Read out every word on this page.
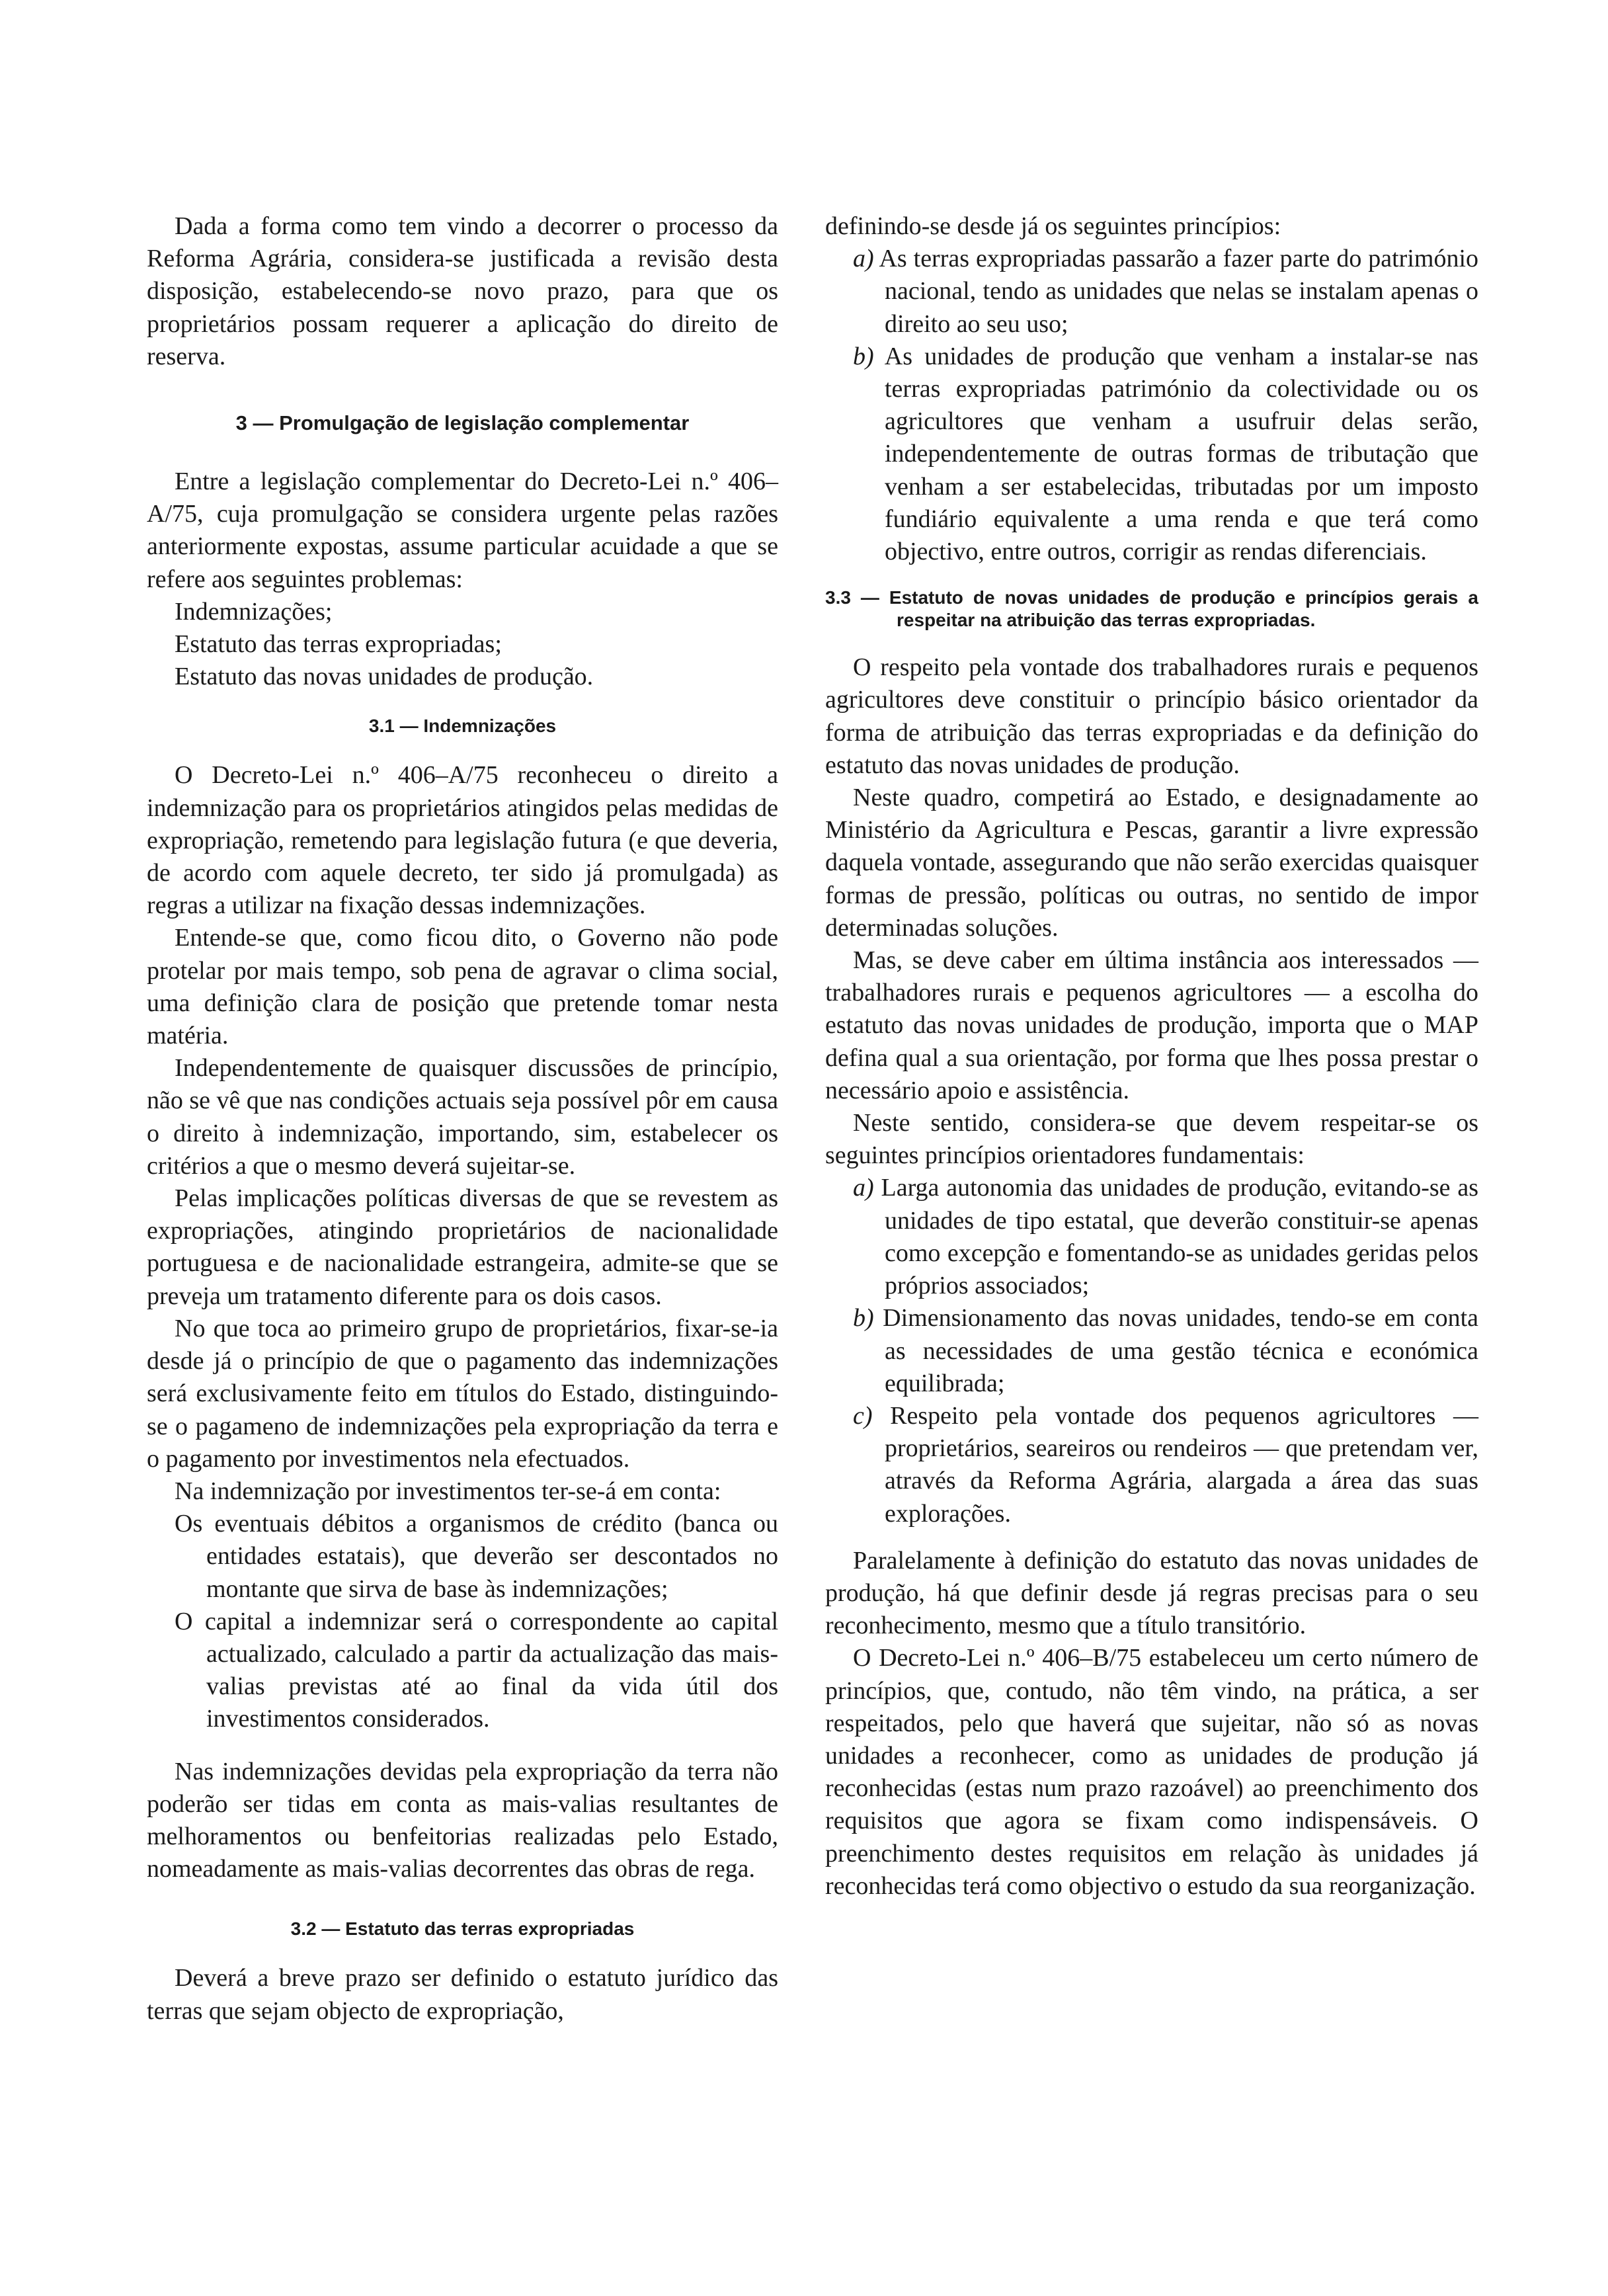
Dada a forma como tem vindo a decorrer o processo da Reforma Agrária, considera-se justificada a revisão desta disposição, estabelecendo-se novo prazo, para que os proprietários possam requerer a aplicação do direito de reserva.

3 — Promulgação de legislação complementar

Entre a legislação complementar do Decreto-Lei n.º 406–A/75, cuja promulgação se considera urgente pelas razões anteriormente expostas, assume particular acuidade a que se refere aos seguintes problemas:

Indemnizações;

Estatuto das terras expropriadas;

Estatuto das novas unidades de produção.

3.1 — Indemnizações

O Decreto-Lei n.º 406–A/75 reconheceu o direito a indemnização para os proprietários atingidos pelas medidas de expropriação, remetendo para legislação futura (e que deveria, de acordo com aquele decreto, ter sido já promulgada) as regras a utilizar na fixação dessas indemnizações.

Entende-se que, como ficou dito, o Governo não pode protelar por mais tempo, sob pena de agravar o clima social, uma definição clara de posição que pretende tomar nesta matéria.

Independentemente de quaisquer discussões de princípio, não se vê que nas condições actuais seja possível pôr em causa o direito à indemnização, importando, sim, estabelecer os critérios a que o mesmo deverá sujeitar-se.

Pelas implicações políticas diversas de que se revestem as expropriações, atingindo proprietários de nacionalidade portuguesa e de nacionalidade estrangeira, admite-se que se preveja um tratamento diferente para os dois casos.

No que toca ao primeiro grupo de proprietários, fixar-se-ia desde já o princípio de que o pagamento das indemnizações será exclusivamente feito em títulos do Estado, distinguindo-se o pagameno de indemnizações pela expropriação da terra e o pagamento por investimentos nela efectuados.

Na indemnização por investimentos ter-se-á em conta:

Os eventuais débitos a organismos de crédito (banca ou entidades estatais), que deverão ser descontados no montante que sirva de base às indemnizações;

O capital a indemnizar será o correspondente ao capital actualizado, calculado a partir da actualização das mais-valias previstas até ao final da vida útil dos investimentos considerados.

Nas indemnizações devidas pela expropriação da terra não poderão ser tidas em conta as mais-valias resultantes de melhoramentos ou benfeitorias realizadas pelo Estado, nomeadamente as mais-valias decorrentes das obras de rega.

3.2 — Estatuto das terras expropriadas

Deverá a breve prazo ser definido o estatuto jurídico das terras que sejam objecto de expropriação,

definindo-se desde já os seguintes princípios:

a) As terras expropriadas passarão a fazer parte do património nacional, tendo as unidades que nelas se instalam apenas o direito ao seu uso;

b) As unidades de produção que venham a instalar-se nas terras expropriadas património da colectividade ou os agricultores que venham a usufruir delas serão, independentemente de outras formas de tributação que venham a ser estabelecidas, tributadas por um imposto fundiário equivalente a uma renda e que terá como objectivo, entre outros, corrigir as rendas diferenciais.

3.3 — Estatuto de novas unidades de produção e princípios gerais a respeitar na atribuição das terras expropriadas.

O respeito pela vontade dos trabalhadores rurais e pequenos agricultores deve constituir o princípio básico orientador da forma de atribuição das terras expropriadas e da definição do estatuto das novas unidades de produção.

Neste quadro, competirá ao Estado, e designadamente ao Ministério da Agricultura e Pescas, garantir a livre expressão daquela vontade, assegurando que não serão exercidas quaisquer formas de pressão, políticas ou outras, no sentido de impor determinadas soluções.

Mas, se deve caber em última instância aos interessados — trabalhadores rurais e pequenos agricultores — a escolha do estatuto das novas unidades de produção, importa que o MAP defina qual a sua orientação, por forma que lhes possa prestar o necessário apoio e assistência.

Neste sentido, considera-se que devem respeitar-se os seguintes princípios orientadores fundamentais:

a) Larga autonomia das unidades de produção, evitando-se as unidades de tipo estatal, que deverão constituir-se apenas como excepção e fomentando-se as unidades geridas pelos próprios associados;

b) Dimensionamento das novas unidades, tendo-se em conta as necessidades de uma gestão técnica e económica equilibrada;

c) Respeito pela vontade dos pequenos agricultores — proprietários, seareiros ou rendeiros — que pretendam ver, através da Reforma Agrária, alargada a área das suas explorações.

Paralelamente à definição do estatuto das novas unidades de produção, há que definir desde já regras precisas para o seu reconhecimento, mesmo que a título transitório.

O Decreto-Lei n.º 406–B/75 estabeleceu um certo número de princípios, que, contudo, não têm vindo, na prática, a ser respeitados, pelo que haverá que sujeitar, não só as novas unidades a reconhecer, como as unidades de produção já reconhecidas (estas num prazo razoável) ao preenchimento dos requisitos que agora se fixam como indispensáveis. O preenchimento destes requisitos em relação às unidades já reconhecidas terá como objectivo o estudo da sua reorganização.
